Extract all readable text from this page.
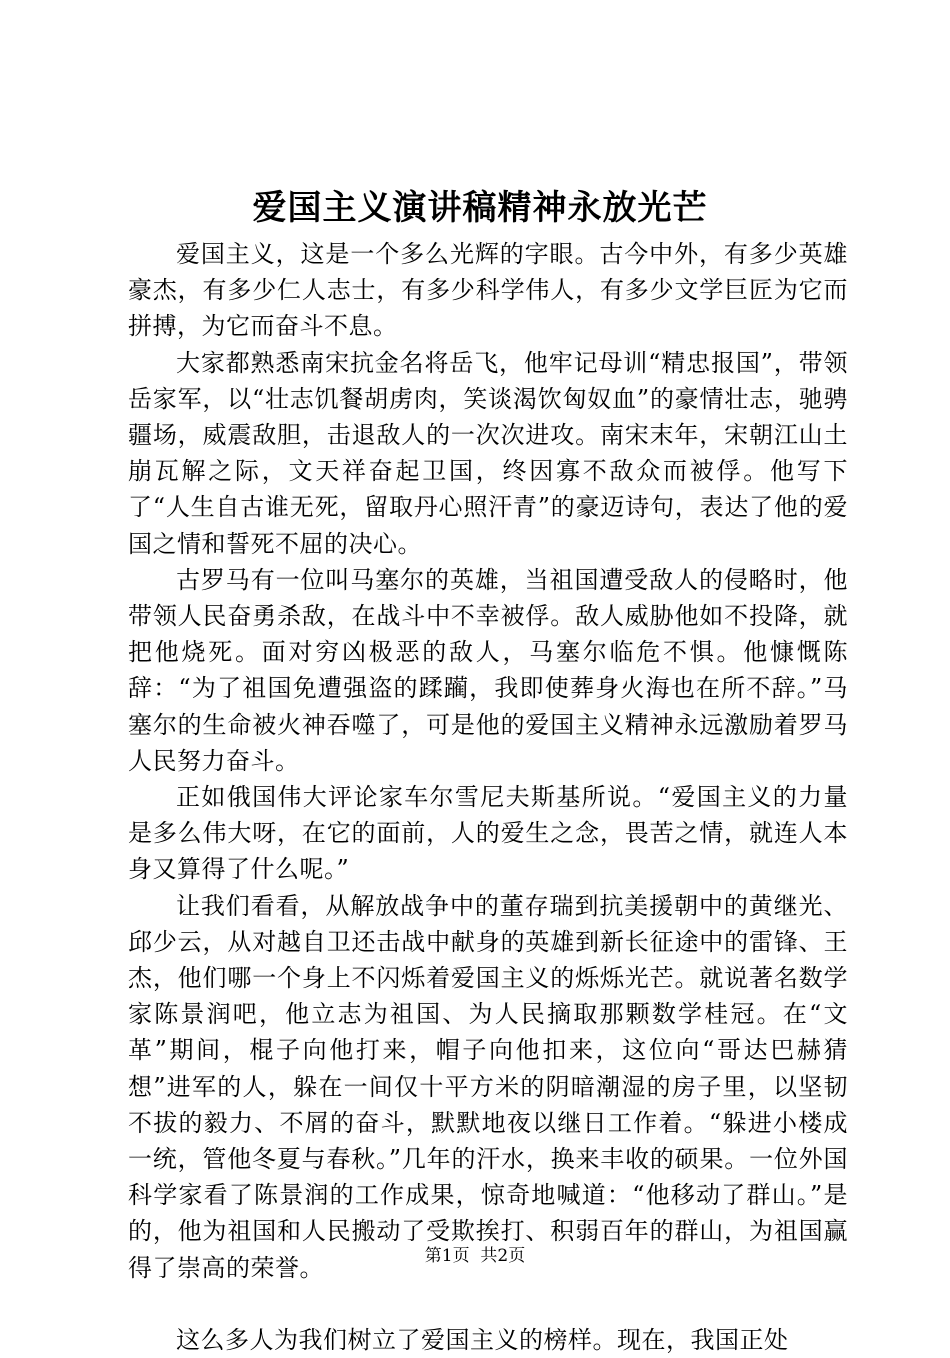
爱国主义演讲稿精神永放光芒

爱国主义，这是一个多么光辉的字眼。古今中外，有多少英雄豪杰，有多少仁人志士，有多少科学伟人，有多少文学巨匠为它而拼搏，为它而奋斗不息。

大家都熟悉南宋抗金名将岳飞，他牢记母训“精忠报国”，带领岳家军，以“壮志饥餐胡虏肉，笑谈渴饮匈奴血”的豪情壮志，驰骋疆场，威震敌胆，击退敌人的一次次进攻。南宋末年，宋朝江山土崩瓦解之际，文天祥奋起卫国，终因寡不敌众而被俘。他写下了“人生自古谁无死，留取丹心照汗青”的豪迈诗句，表达了他的爱国之情和誓死不屈的决心。

古罗马有一位叫马塞尔的英雄，当祖国遭受敌人的侵略时，他带领人民奋勇杀敌，在战斗中不幸被俘。敌人威胁他如不投降，就把他烧死。面对穷凶极恶的敌人，马塞尔临危不惧。他慷慨陈辞：“为了祖国免遭强盗的蹂躏，我即使葬身火海也在所不辞。”马塞尔的生命被火神吞噬了，可是他的爱国主义精神永远激励着罗马人民努力奋斗。

正如俄国伟大评论家车尔雪尼夫斯基所说。“爱国主义的力量是多么伟大呀，在它的面前，人的爱生之念，畏苦之情，就连人本身又算得了什么呢。”

让我们看看，从解放战争中的董存瑞到抗美援朝中的黄继光、邱少云，从对越自卫还击战中献身的英雄到新长征途中的雷锋、王杰，他们哪一个身上不闪烁着爱国主义的烁烁光芒。就说著名数学家陈景润吧，他立志为祖国、为人民摘取那颗数学桂冠。在“文革”期间，棍子向他打来，帽子向他扣来，这位向“哥达巴赫猜想”进军的人，躲在一间仅十平方米的阴暗潮湿的房子里，以坚韧不拔的毅力、不屑的奋斗，默默地夜以继日工作着。“躲进小楼成一统，管他冬夏与春秋。”几年的汗水，换来丰收的硕果。一位外国科学家看了陈景润的工作成果，惊奇地喊道：“他移动了群山。”是的，他为祖国和人民搬动了受欺挨打、积弱百年的群山，为祖国赢得了崇高的荣誉。

这么多人为我们树立了爱国主义的榜样。现在，我国正处

第1页 共2页
